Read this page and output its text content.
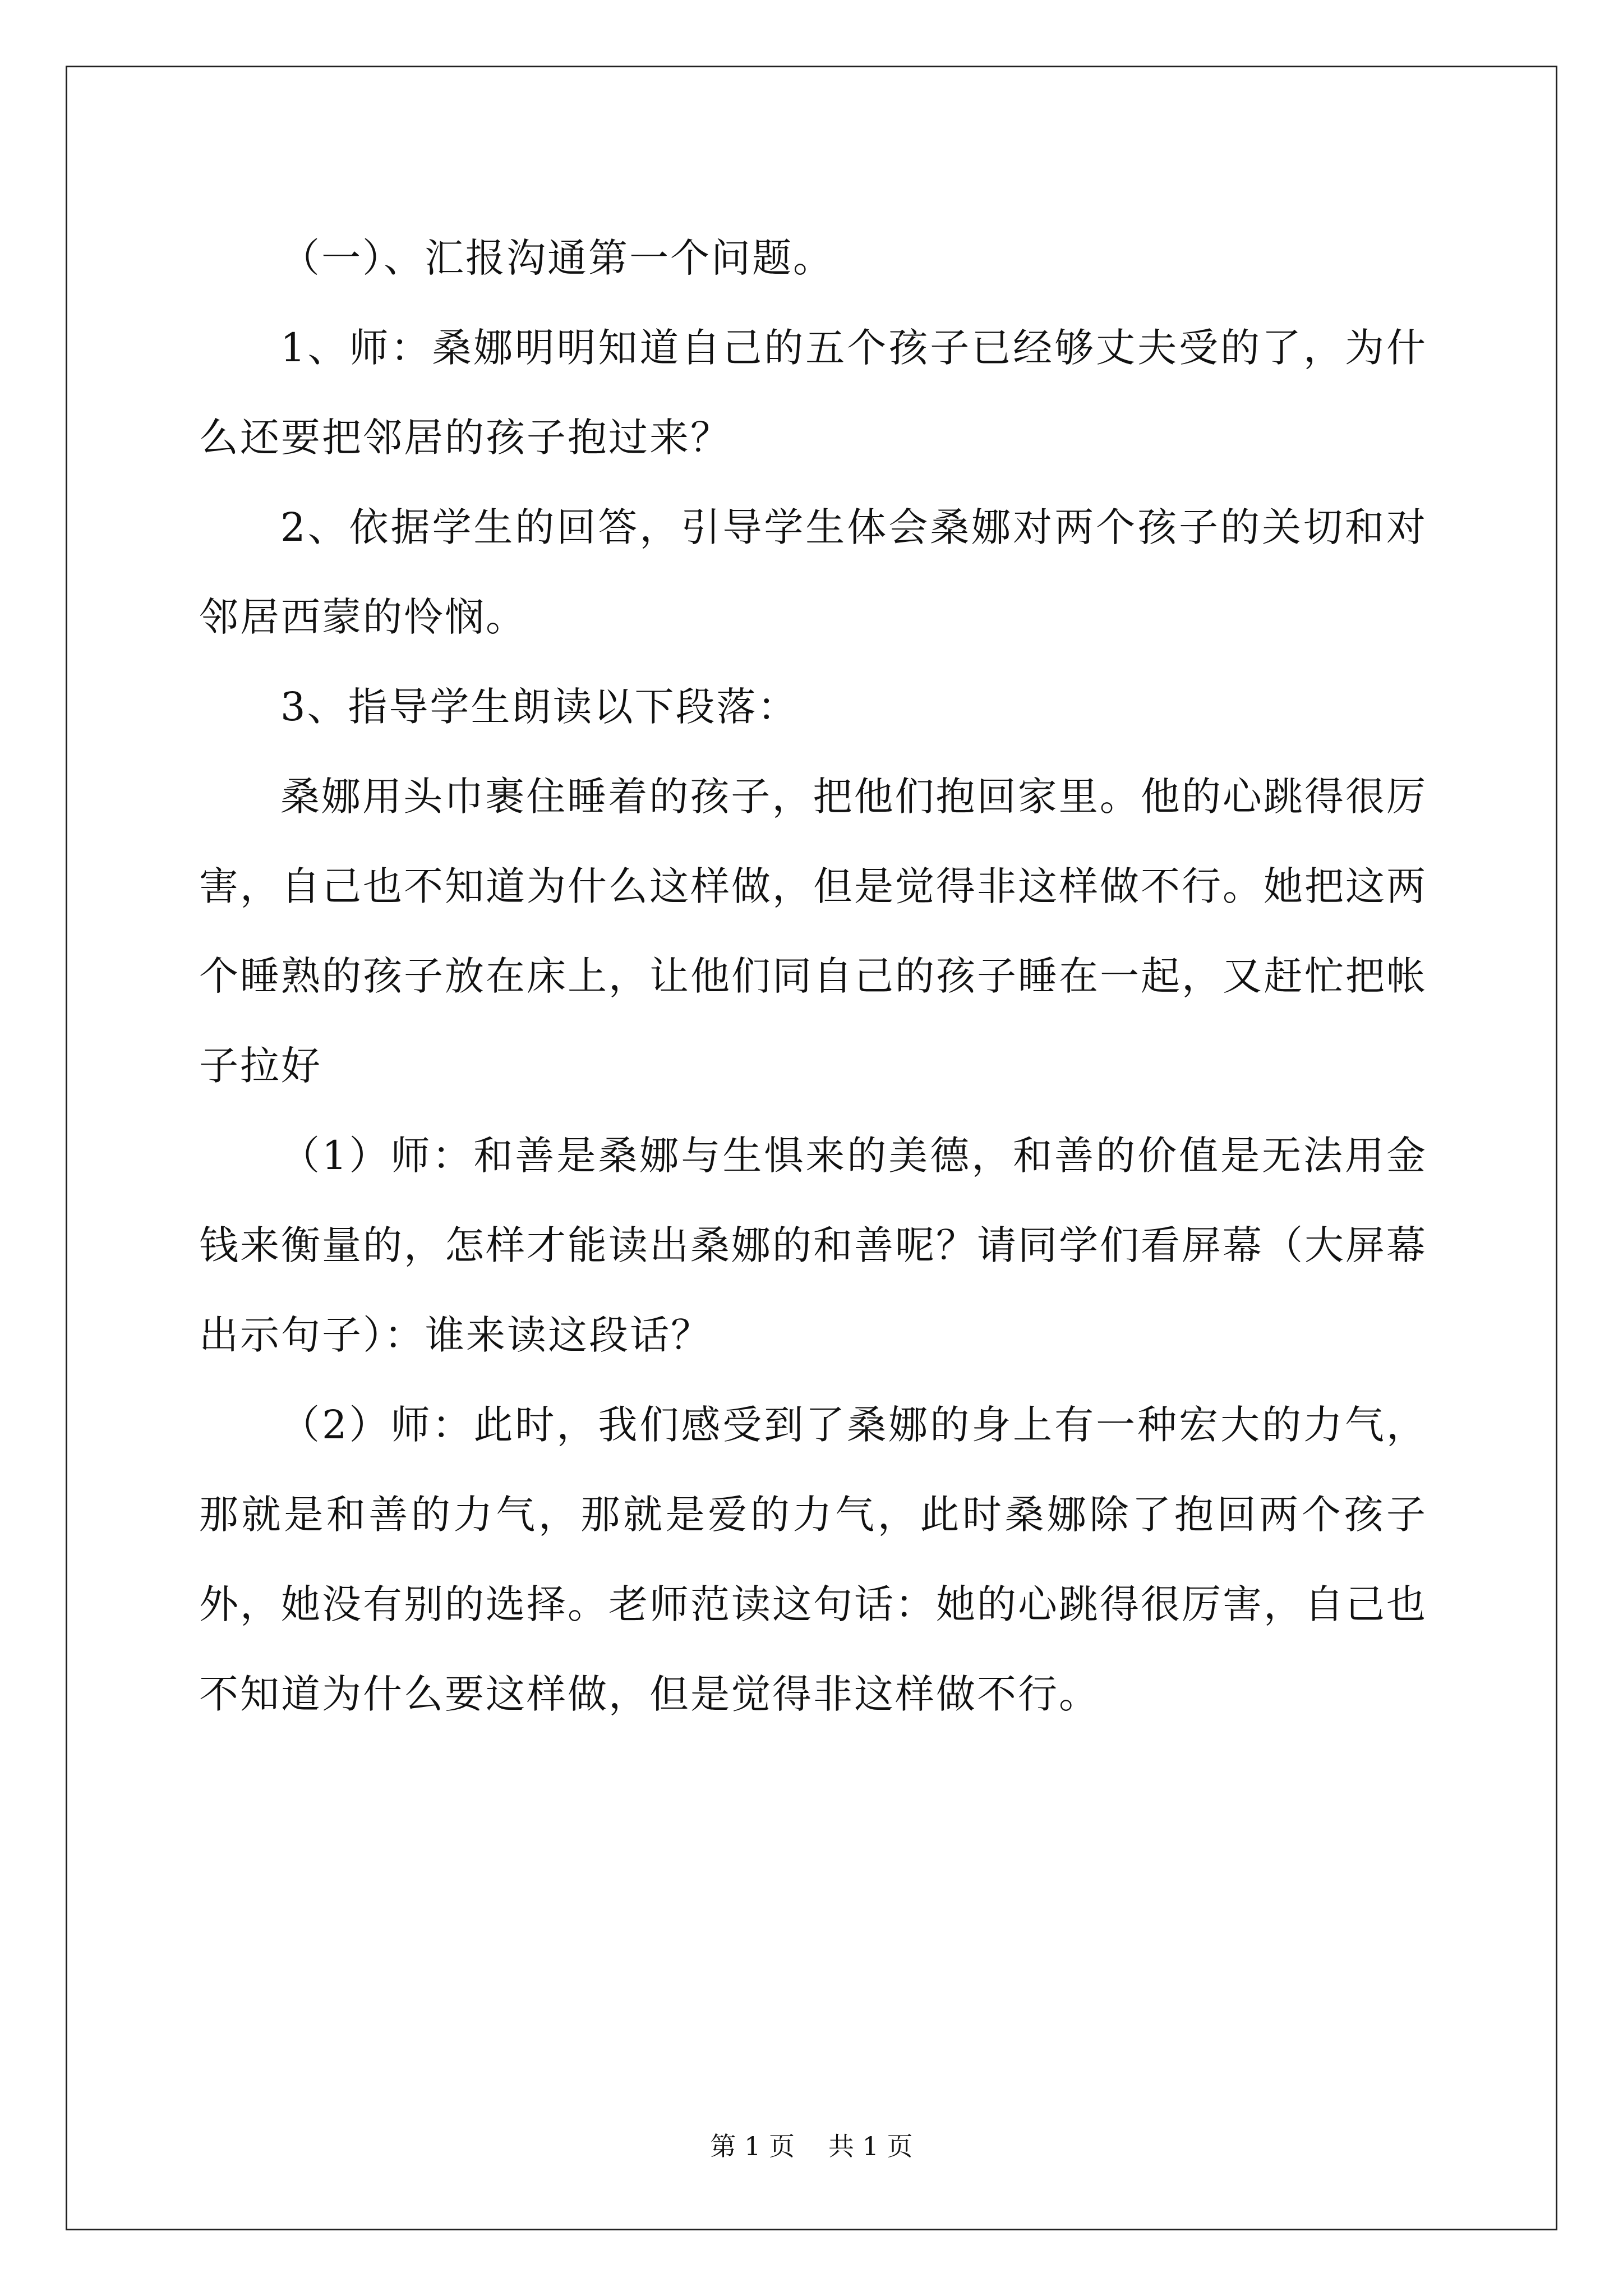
（一）、汇报沟通第一个问题。

1、师：桑娜明明知道自己的五个孩子已经够丈夫受的了，为什么还要把邻居的孩子抱过来？

2、依据学生的回答，引导学生体会桑娜对两个孩子的关切和对邻居西蒙的怜悯。

3、指导学生朗读以下段落：

桑娜用头巾裹住睡着的孩子，把他们抱回家里。他的心跳得很厉害，自己也不知道为什么这样做，但是觉得非这样做不行。她把这两个睡熟的孩子放在床上，让他们同自己的孩子睡在一起，又赶忙把帐子拉好

（1）师：和善是桑娜与生惧来的美德，和善的价值是无法用金钱来衡量的，怎样才能读出桑娜的和善呢？请同学们看屏幕（大屏幕出示句子）：谁来读这段话？

（2）师：此时，我们感受到了桑娜的身上有一种宏大的力气，那就是和善的力气，那就是爱的力气，此时桑娜除了抱回两个孩子外，她没有别的选择。老师范读这句话：她的心跳得很厉害，自己也不知道为什么要这样做，但是觉得非这样做不行。

第 1 页 共 1 页
